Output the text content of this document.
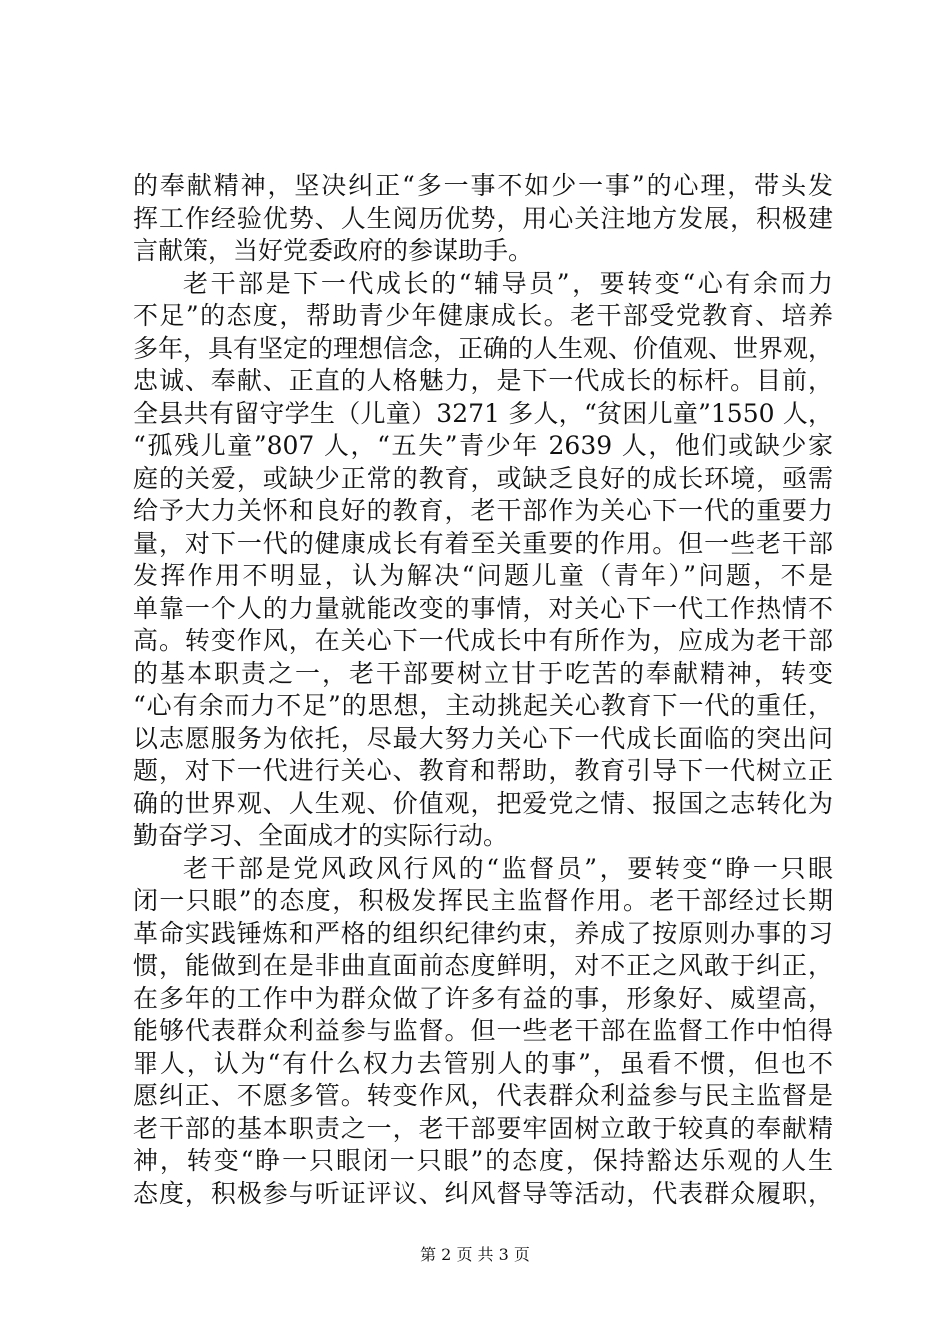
的奉献精神，坚决纠正“多一事不如少一事”的心理，带头发
挥工作经验优势、人生阅历优势，用心关注地方发展，积极建
言献策，当好党委政府的参谋助手。
老干部是下一代成长的“辅导员”，要转变“心有余而力
不足”的态度，帮助青少年健康成长。老干部受党教育、培养
多年，具有坚定的理想信念，正确的人生观、价值观、世界观，
忠诚、奉献、正直的人格魅力，是下一代成长的标杆。目前，
全县共有留守学生（儿童）3271 多人，“贫困儿童”1550 人，
“孤残儿童”807 人，“五失”青少年 2639 人，他们或缺少家
庭的关爱，或缺少正常的教育，或缺乏良好的成长环境，亟需
给予大力关怀和良好的教育，老干部作为关心下一代的重要力
量，对下一代的健康成长有着至关重要的作用。但一些老干部
发挥作用不明显，认为解决“问题儿童（青年）”问题，不是
单靠一个人的力量就能改变的事情，对关心下一代工作热情不
高。转变作风，在关心下一代成长中有所作为，应成为老干部
的基本职责之一，老干部要树立甘于吃苦的奉献精神，转变
“心有余而力不足”的思想，主动挑起关心教育下一代的重任，
以志愿服务为依托，尽最大努力关心下一代成长面临的突出问
题，对下一代进行关心、教育和帮助，教育引导下一代树立正
确的世界观、人生观、价值观，把爱党之情、报国之志转化为
勤奋学习、全面成才的实际行动。
老干部是党风政风行风的“监督员”，要转变“睁一只眼
闭一只眼”的态度，积极发挥民主监督作用。老干部经过长期
革命实践锤炼和严格的组织纪律约束，养成了按原则办事的习
惯，能做到在是非曲直面前态度鲜明，对不正之风敢于纠正，
在多年的工作中为群众做了许多有益的事，形象好、威望高，
能够代表群众利益参与监督。但一些老干部在监督工作中怕得
罪人，认为“有什么权力去管别人的事”，虽看不惯，但也不
愿纠正、不愿多管。转变作风，代表群众利益参与民主监督是
老干部的基本职责之一，老干部要牢固树立敢于较真的奉献精
神，转变“睁一只眼闭一只眼”的态度，保持豁达乐观的人生
态度，积极参与听证评议、纠风督导等活动，代表群众履职，
第 2 页 共 3 页
